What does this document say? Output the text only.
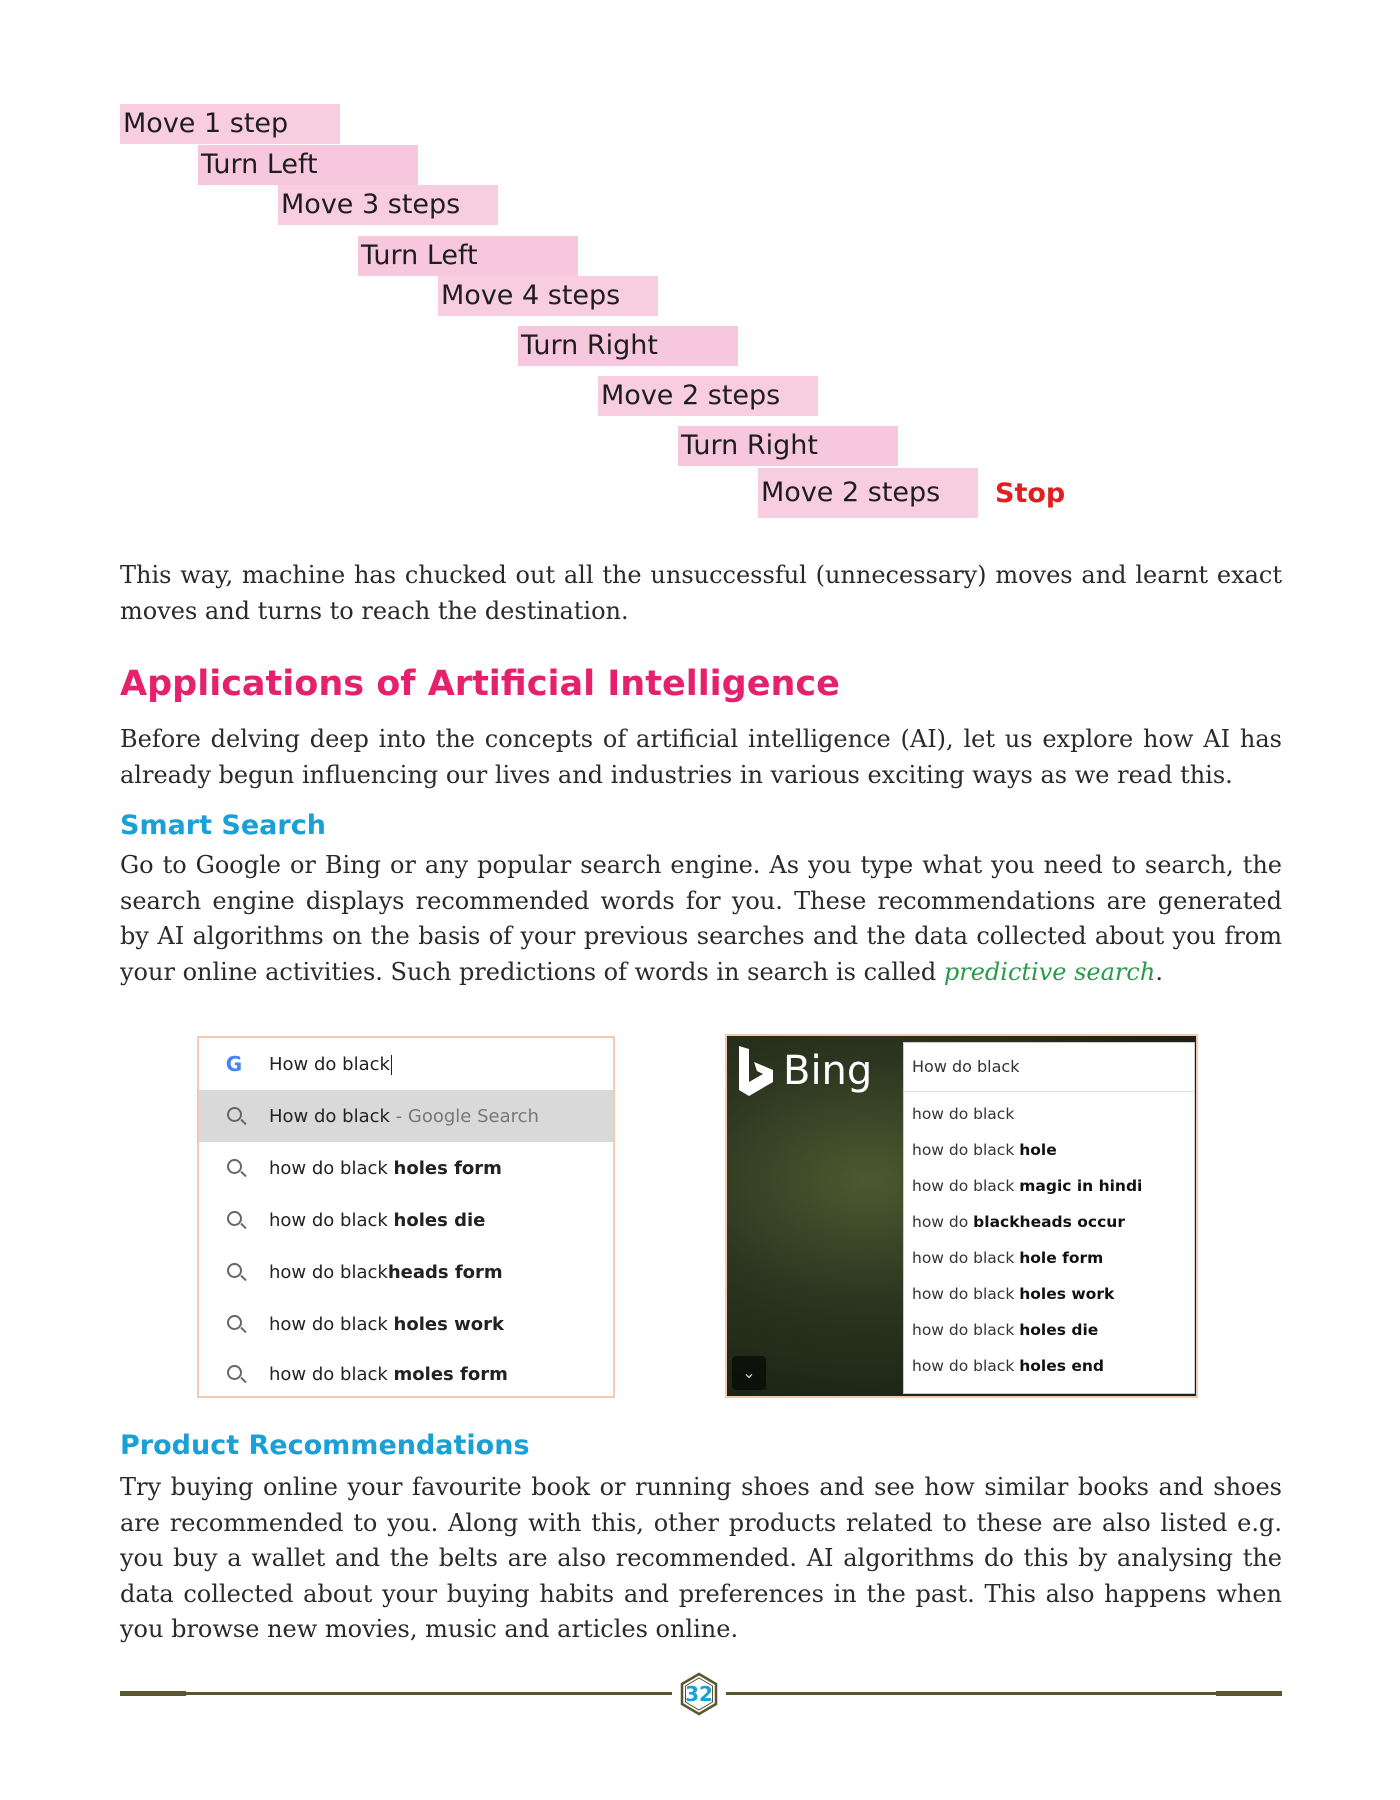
Move 1 step
Turn Left
Move 3 steps
Turn Left
Move 4 steps
Turn Right
Move 2 steps
Turn Right
Move 2 steps	Stop

This way, machine has chucked out all the unsuccessful (unnecessary) moves and learnt exact moves and turns to reach the destination.

Applications of Artificial Intelligence

Before delving deep into the concepts of artificial intelligence (AI), let us explore how AI has already begun influencing our lives and industries in various exciting ways as we read this.

Smart Search

Go to Google or Bing or any popular search engine. As you type what you need to search, the search engine displays recommended words for you. These recommendations are generated by AI algorithms on the basis of your previous searches and the data collected about you from your online activities. Such predictions of words in search is called predictive search.

G	How do black
How do black - Google Search
how do black holes form
how do black holes die
how do blackheads form
how do black holes work
how do black moles form
Bing	How do black
how do black
how do black hole
how do black magic in hindi
how do blackheads occur
how do black hole form
how do black holes work
how do black holes die
how do black holes end
⌄
Product Recommendations

Try buying online your favourite book or running shoes and see how similar books and shoes are recommended to you. Along with this, other products related to these are also listed e.g. you buy a wallet and the belts are also recommended. AI algorithms do this by analysing the data collected about your buying habits and preferences in the past. This also happens when you browse new movies, music and articles online.

32
